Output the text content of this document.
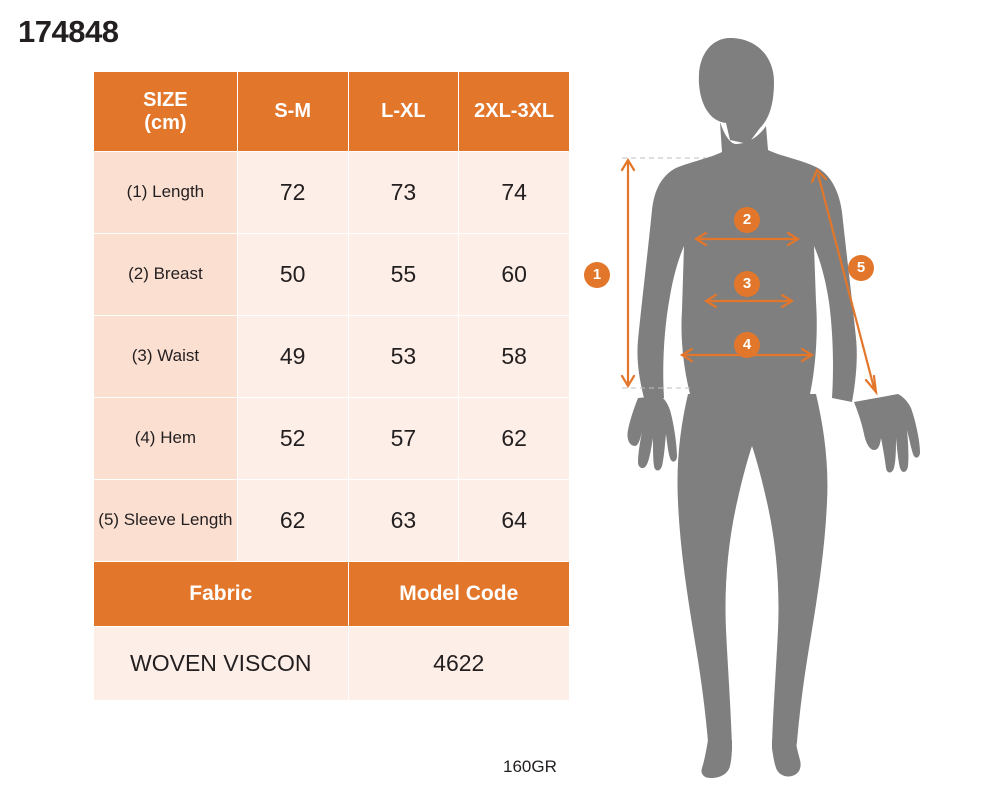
174848
SIZE
(cm)	S-M	L-XL	2XL-3XL
(1) Length	72	73	74
(2) Breast	50	55	60
(3) Waist	49	53	58
(4) Hem	52	57	62
(5) Sleeve Length	62	63	64
Fabric		Model Code	
WOVEN VISCON		4622	
160GR
1
2
3
4
5
